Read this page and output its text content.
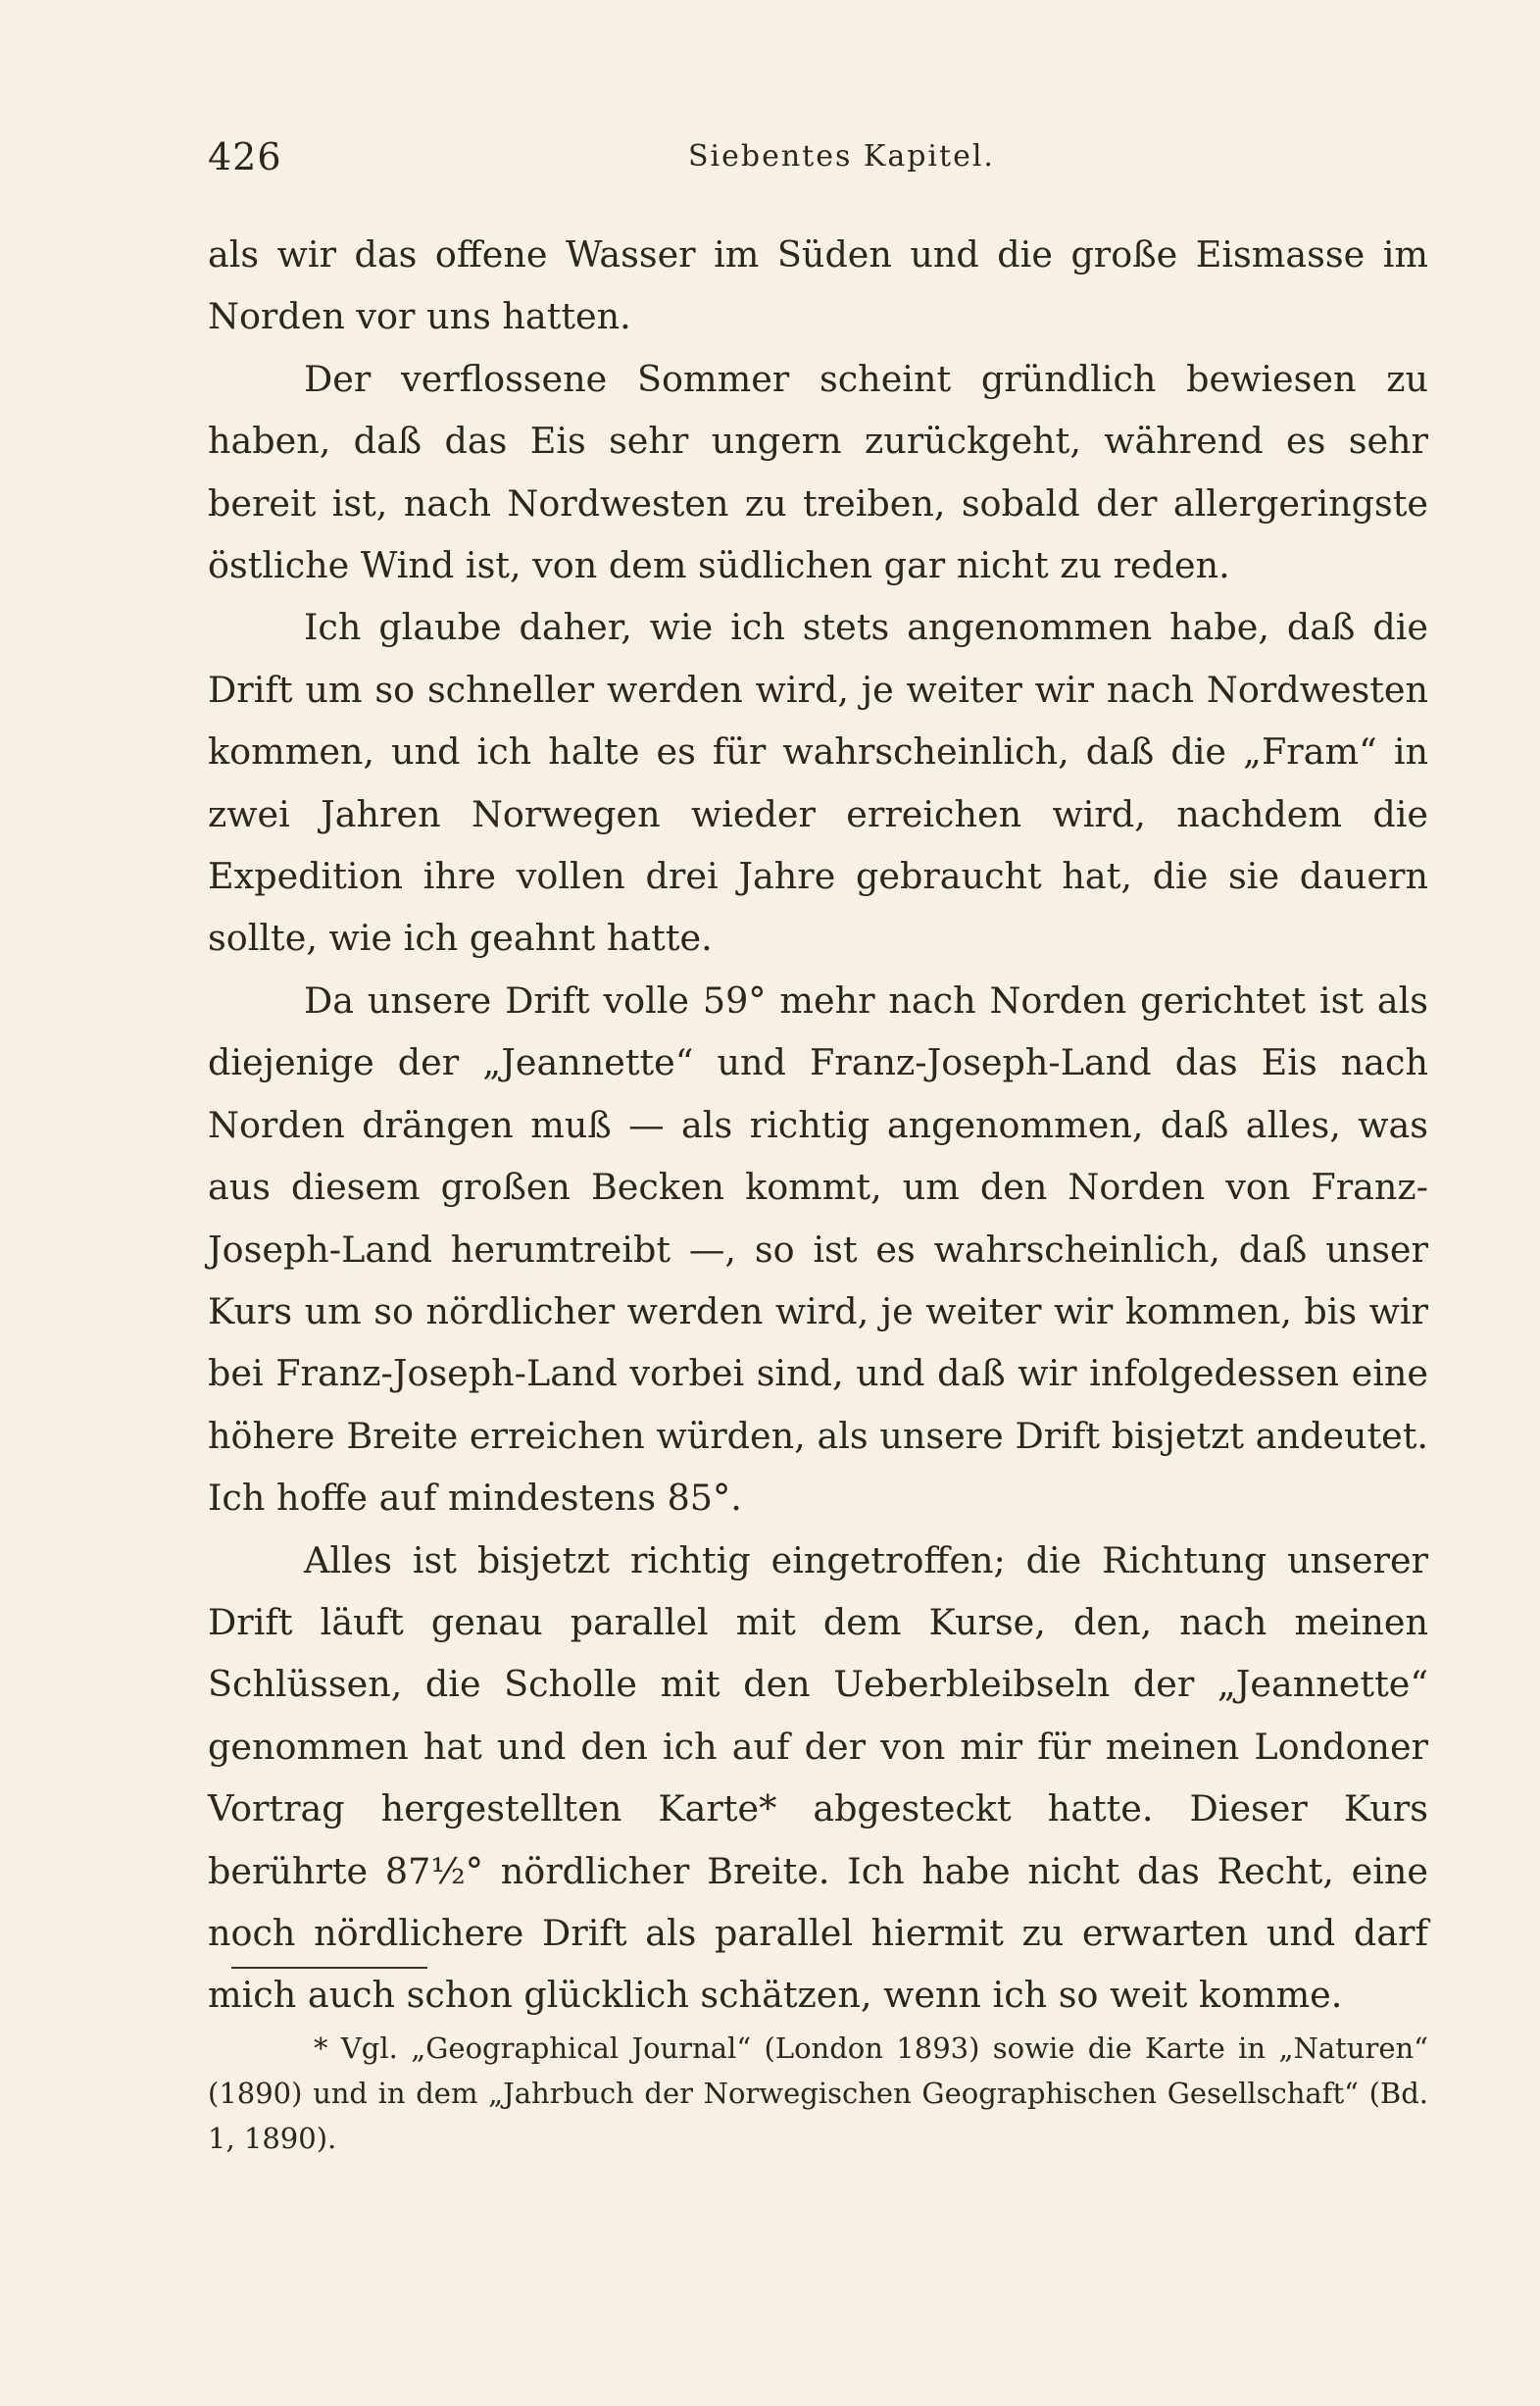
426	Siebentes Kapitel.

als wir das offene Wasser im Süden und die große Eismasse im Norden vor uns hatten.

Der verflossene Sommer scheint gründlich bewiesen zu haben, daß das Eis sehr ungern zurückgeht, während es sehr bereit ist, nach Nordwesten zu treiben, sobald der allergeringste östliche Wind ist, von dem südlichen gar nicht zu reden.

Ich glaube daher, wie ich stets angenommen habe, daß die Drift um so schneller werden wird, je weiter wir nach Nordwesten kommen, und ich halte es für wahrscheinlich, daß die „Fram“ in zwei Jahren Norwegen wieder erreichen wird, nachdem die Expedition ihre vollen drei Jahre gebraucht hat, die sie dauern sollte, wie ich geahnt hatte.

Da unsere Drift volle 59° mehr nach Norden gerichtet ist als diejenige der „Jeannette“ und Franz-Joseph-Land das Eis nach Norden drängen muß — als richtig angenommen, daß alles, was aus diesem großen Becken kommt, um den Norden von Franz-Joseph-Land herumtreibt —, so ist es wahrscheinlich, daß unser Kurs um so nördlicher werden wird, je weiter wir kommen, bis wir bei Franz-Joseph-Land vorbei sind, und daß wir infolgedessen eine höhere Breite erreichen würden, als unsere Drift bisjetzt andeutet. Ich hoffe auf mindestens 85°.

Alles ist bisjetzt richtig eingetroffen; die Richtung unserer Drift läuft genau parallel mit dem Kurse, den, nach meinen Schlüssen, die Scholle mit den Ueberbleibseln der „Jeannette“ genommen hat und den ich auf der von mir für meinen Londoner Vortrag hergestellten Karte* abgesteckt hatte. Dieser Kurs berührte 87½° nördlicher Breite. Ich habe nicht das Recht, eine noch nördlichere Drift als parallel hiermit zu erwarten und darf mich auch schon glücklich schätzen, wenn ich so weit komme.

* Vgl. „Geographical Journal“ (London 1893) sowie die Karte in „Naturen“ (1890) und in dem „Jahrbuch der Norwegischen Geographischen Gesellschaft“ (Bd. 1, 1890).
